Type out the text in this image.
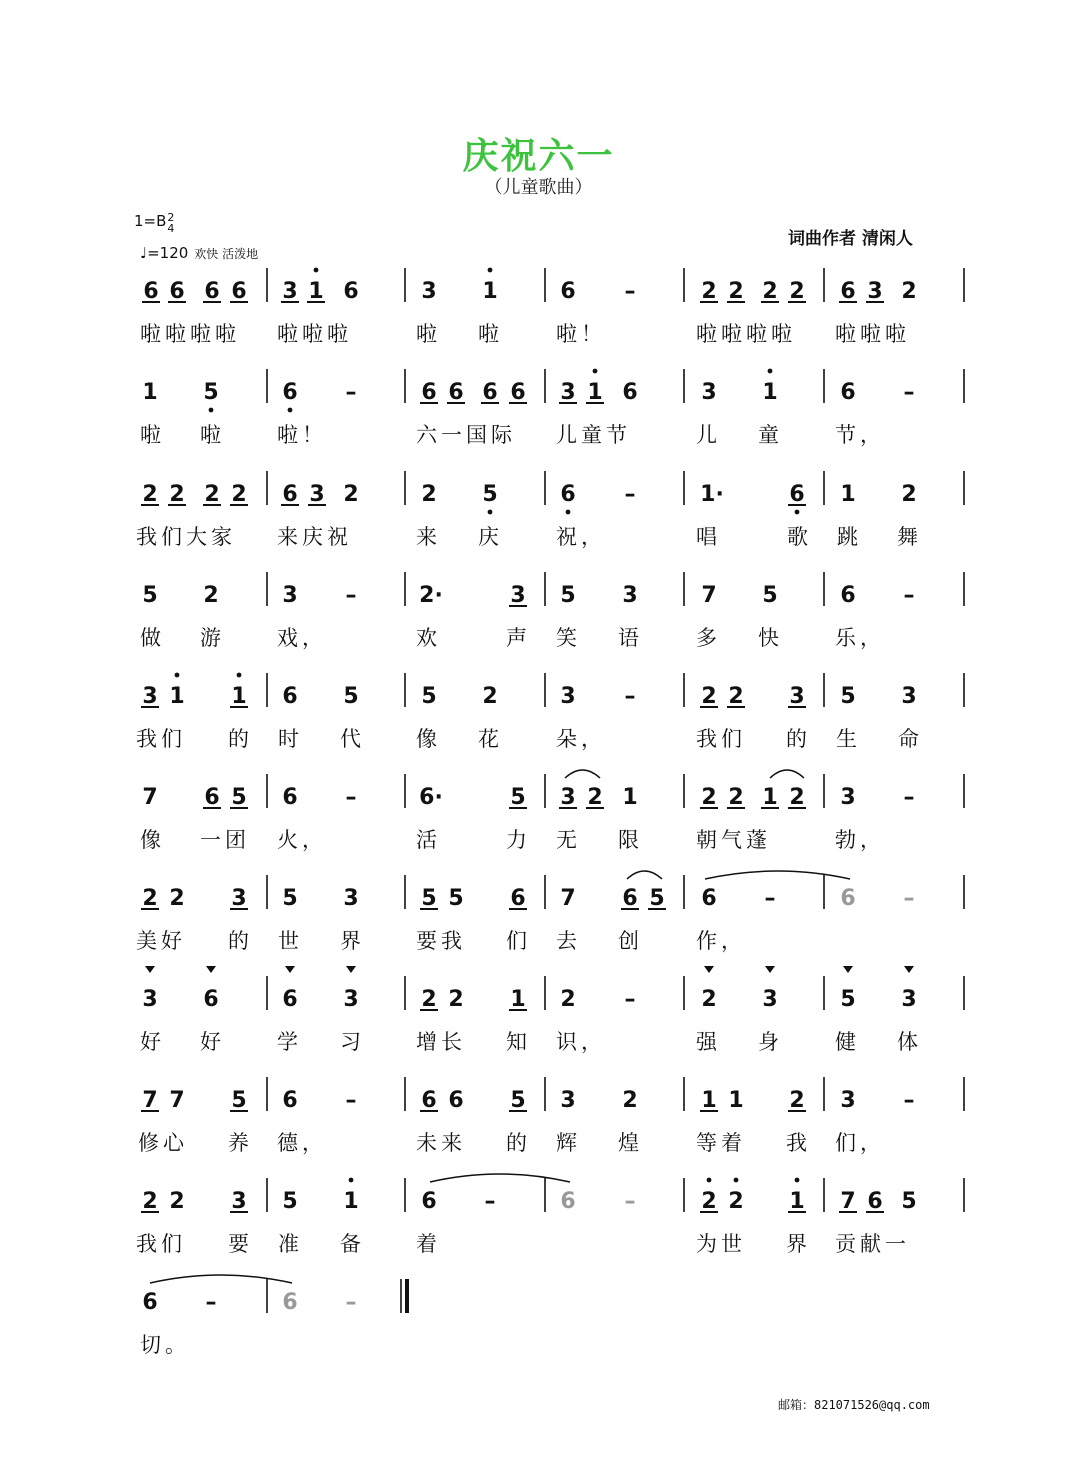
庆祝六一
（儿童歌曲）
1=B2
4
♩=120 欢快 活泼地
词曲作者 清闲人
6 6 6 6 3 1 6	3 1	6 –	2 2 2 2 6 3 2
啦啦啦啦 啦啦啦	啦 啦	啦！	啦啦啦啦 啦啦啦
1 5	6 –	6 6 6 6 3 1 6	3 1	6 –
啦 啦 啦！	六一国际 儿童节	儿 童 节，
2 2 2 2 6 3 2	2 5	6 –	1·	6 1 2
我们大家 来庆祝	来 庆	祝，	唱	歌 跳 舞
5 2	3 –	2·	3 5 3	7 5	6 –
做 游 戏，	欢	声 笑 语	多 快 乐，
3 1 1 6 5	5 2	3 –	2 2 3 5 3
我们 的 时 代 像 花	朵，	我们 的 生 命
7 6 5 6 –	6·	5 3 2 1	2 2 1 2 3 –
像 一团 火，	活	力 无 限	朝气蓬	勃，
2 2 3 5 3	5 5 6 7 6 5 6 –	6 –
美好 的 世 界 要我 们 去 创	作，
3 6	6 3	2 2 1 2 –	2 3	5 3
好 好 学 习 增长 知 识，	强 身 健 体
7 7 5 6 –	6 6 5 3 2	1 1 2 3 –
修心 养 德，	未来 的 辉 煌	等着 我 们，
2 2 3 5 1	6 –	6 –	2 2 1 7 6 5
我们 要 准 备 着	为世 界 贡献一
6 –	6 –
切。
邮箱：821071526@qq.com
